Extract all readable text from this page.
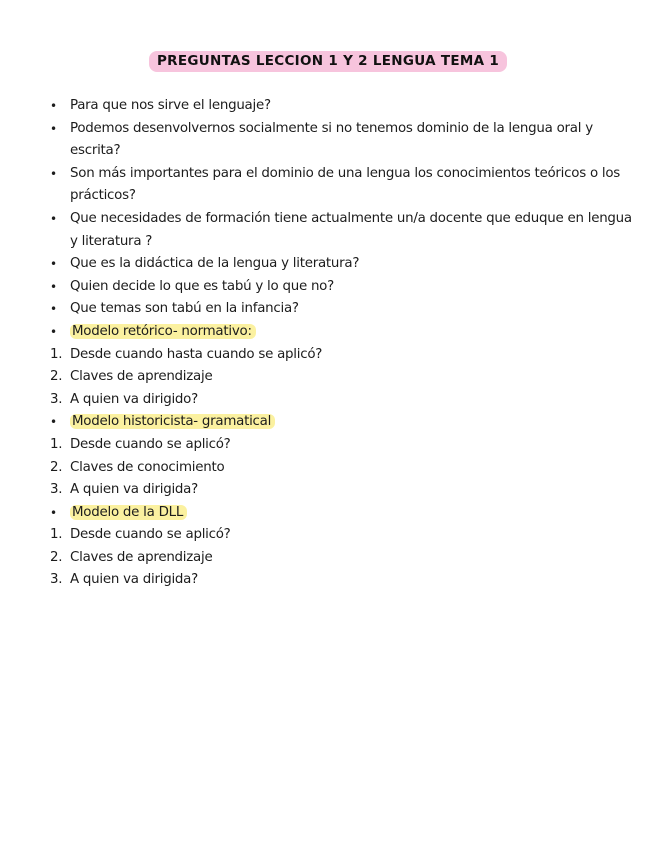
PREGUNTAS LECCION 1 Y 2 LENGUA TEMA 1
• Para que nos sirve el lenguaje?
• Podemos desenvolvernos socialmente si no tenemos dominio de la lengua oral y escrita?
• Son más importantes para el dominio de una lengua los conocimientos teóricos o los prácticos?
• Que necesidades de formación tiene actualmente un/a docente que eduque en lengua y literatura ?
• Que es la didáctica de la lengua y literatura?
• Quien decide lo que es tabú y lo que no?
• Que temas son tabú en la infancia?
•	Modelo retórico- normativo:
1. Desde cuando hasta cuando se aplicó?
2. Claves de aprendizaje
3. A quien va dirigido?
•	Modelo historicista- gramatical
1. Desde cuando se aplicó?
2. Claves de conocimiento
3. A quien va dirigida?
•	Modelo de la DLL
1. Desde cuando se aplicó?
2. Claves de aprendizaje
3. A quien va dirigida?
